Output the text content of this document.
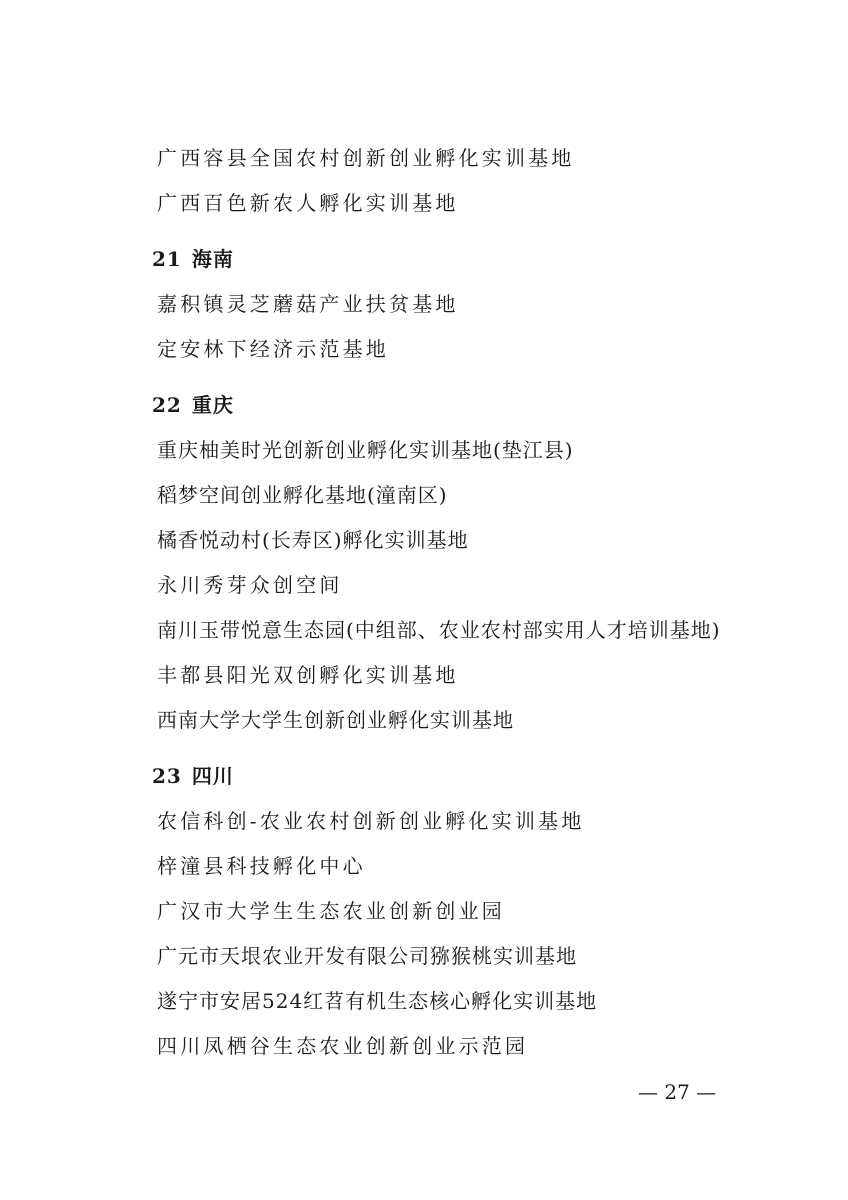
广西容县全国农村创新创业孵化实训基地
广西百色新农人孵化实训基地
21 海南
嘉积镇灵芝蘑菇产业扶贫基地
定安林下经济示范基地
22 重庆
重庆柚美时光创新创业孵化实训基地(垫江县)
稻梦空间创业孵化基地(潼南区)
橘香悦动村(长寿区)孵化实训基地
永川秀芽众创空间
南川玉带悦意生态园(中组部、农业农村部实用人才培训基地)
丰都县阳光双创孵化实训基地
西南大学大学生创新创业孵化实训基地
23 四川
农信科创-农业农村创新创业孵化实训基地
梓潼县科技孵化中心
广汉市大学生生态农业创新创业园
广元市天垠农业开发有限公司猕猴桃实训基地
遂宁市安居524红苕有机生态核心孵化实训基地
四川凤栖谷生态农业创新创业示范园
— 27 —
